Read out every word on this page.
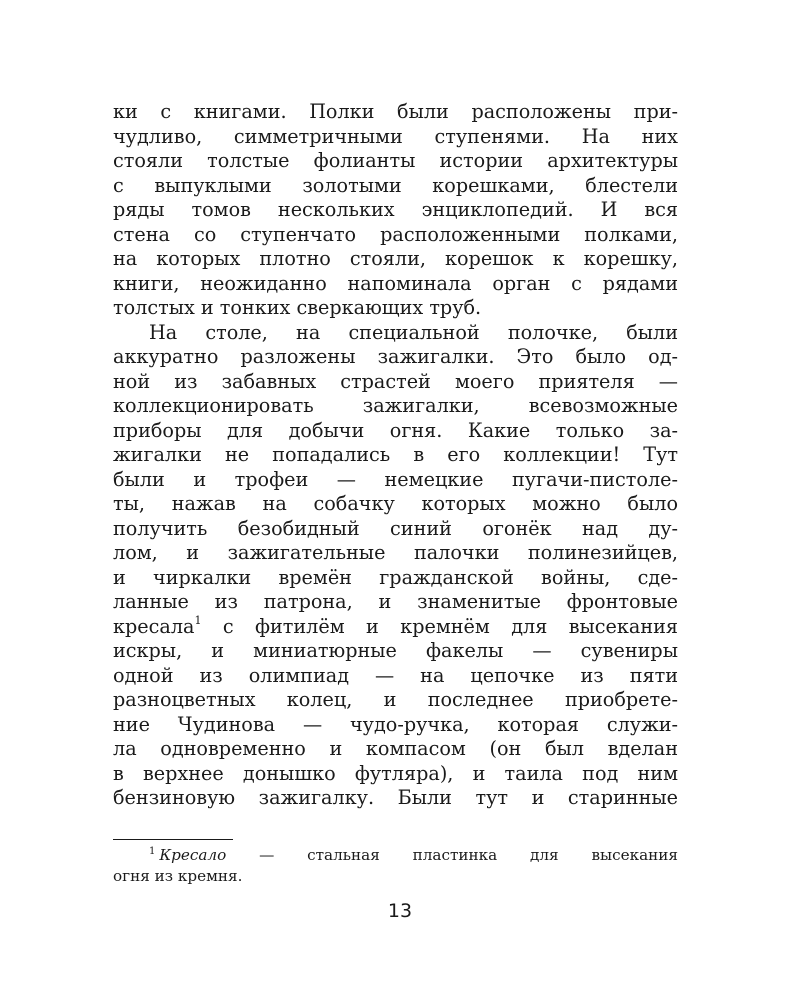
ки с книгами. Полки были расположены при-
чудливо, симметричными ступенями. На них
стояли толстые фолианты истории архитектуры
с выпуклыми золотыми корешками, блестели
ряды томов нескольких энциклопедий. И вся
стена со ступенчато расположенными полками,
на которых плотно стояли, корешок к корешку,
книги, неожиданно напоминала орган с рядами
толстых и тонких сверкающих труб.
На столе, на специальной полочке, были
аккуратно разложены зажигалки. Это было од-
ной из забавных страстей моего приятеля —
коллекционировать зажигалки, всевозможные
приборы для добычи огня. Какие только за-
жигалки не попадались в его коллекции! Тут
были и трофеи — немецкие пугачи-пистоле-
ты, нажав на собачку которых можно было
получить безобидный синий огонёк над ду-
лом, и зажигательные палочки полинезийцев,
и чиркалки времён гражданской войны, сде-
ланные из патрона, и знаменитые фронтовые
кресала$^1$ с фитилём и кремнём для высекания
искры, и миниатюрные факелы — сувениры
одной из олимпиад — на цепочке из пяти
разноцветных колец, и последнее приобрете-
ние Чудинова — чудо-ручка, которая служи-
ла одновременно и компасом (он был вделан
в верхнее донышко футляра), и таила под ним
бензиновую зажигалку. Были тут и старинные
$^1$ Кресало — стальная пластинка для высекания
огня из кремня.
13
